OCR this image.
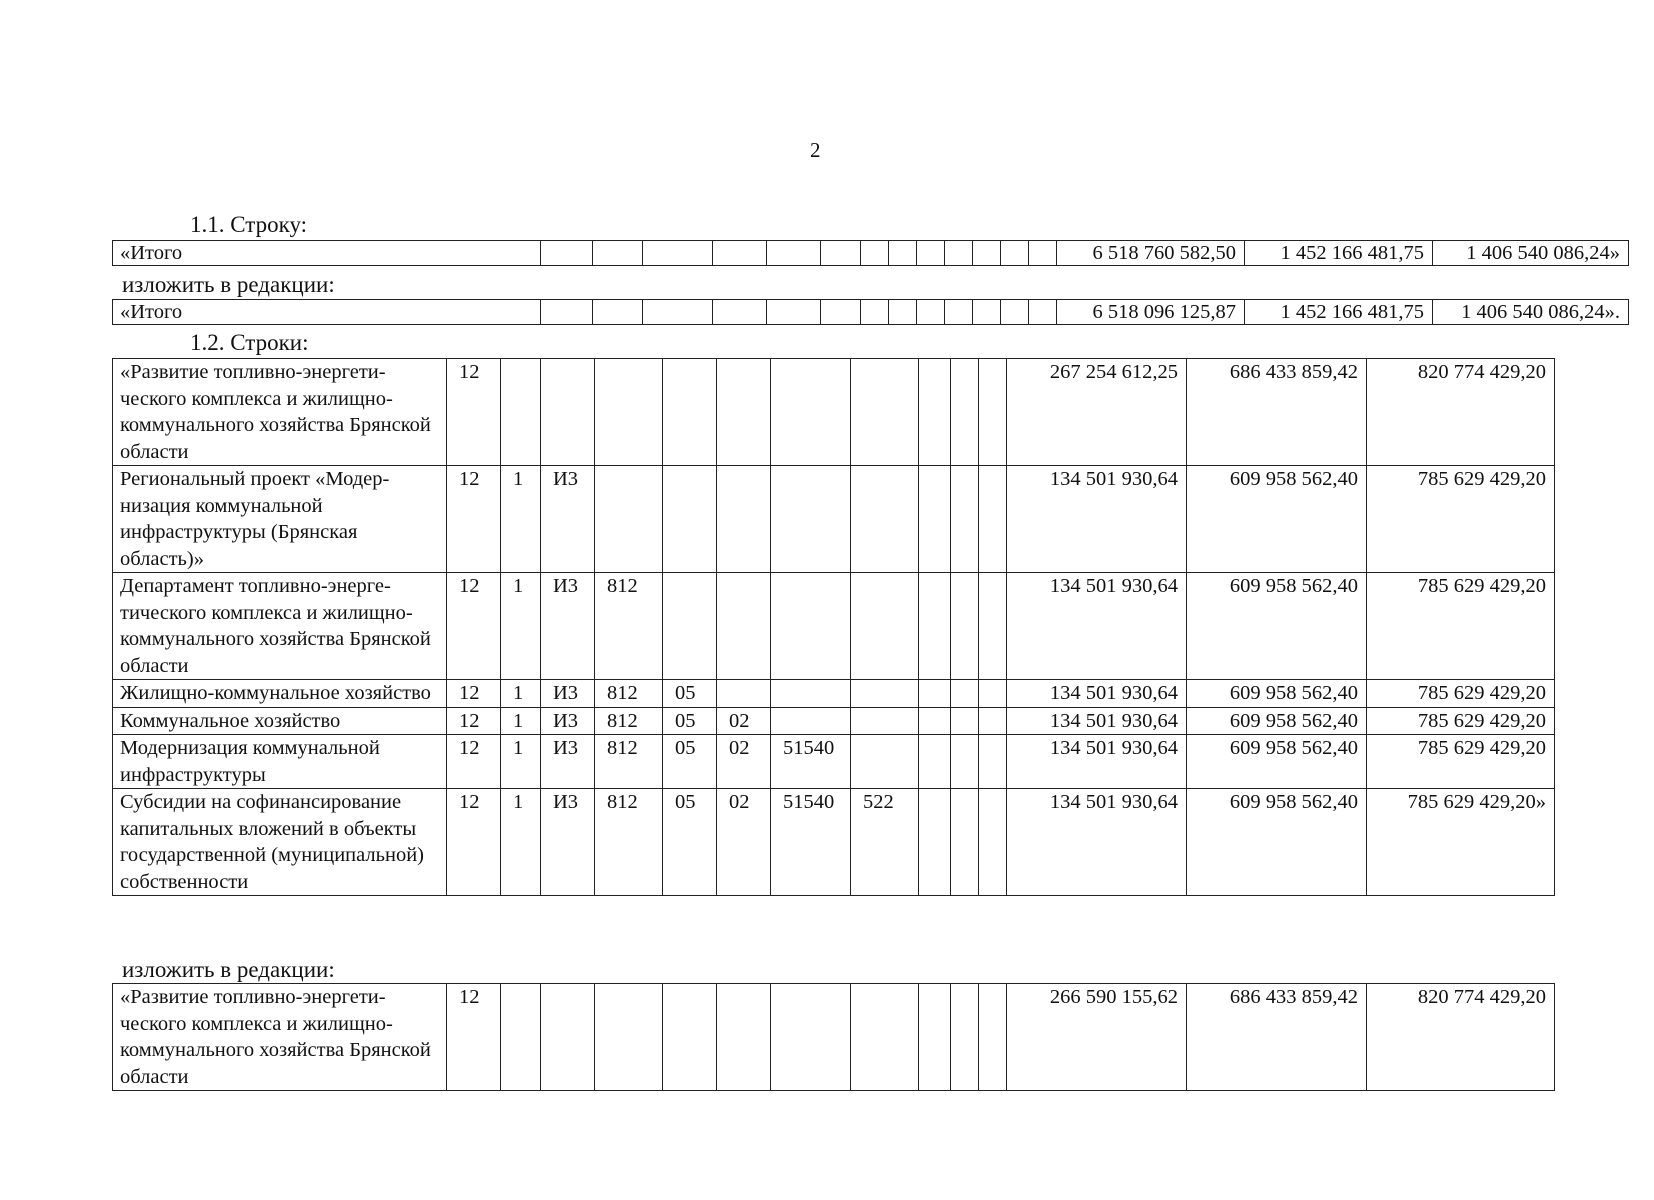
2
1.1. Строку:
«Итого														6 518 760 582,50	1 452 166 481,75	1 406 540 086,24»
изложить в редакции:
«Итого														6 518 096 125,87	1 452 166 481,75	1 406 540 086,24».
1.2. Строки:
«Развитие топливно-энергетического комплекса и жилищно-коммунального хозяйства Брянской области	12											267 254 612,25	686 433 859,42	820 774 429,20
Региональный проект «Модернизация коммунальной инфраструктуры (Брянская область)»	12	1	И3									134 501 930,64	609 958 562,40	785 629 429,20
Департамент топливно-энергетического комплекса и жилищно-коммунального хозяйства Брянской области	12	1	И3	812								134 501 930,64	609 958 562,40	785 629 429,20
Жилищно-коммунальное хозяйство	12	1	И3	812	05							134 501 930,64	609 958 562,40	785 629 429,20
Коммунальное хозяйство	12	1	И3	812	05	02						134 501 930,64	609 958 562,40	785 629 429,20
Модернизация коммунальной инфраструктуры	12	1	И3	812	05	02	51540					134 501 930,64	609 958 562,40	785 629 429,20
Субсидии на софинансирование капитальных вложений в объекты государственной (муниципальной) собственности	12	1	И3	812	05	02	51540	522				134 501 930,64	609 958 562,40	785 629 429,20»
изложить в редакции:
«Развитие топливно-энергетического комплекса и жилищно-коммунального хозяйства Брянской области	12											266 590 155,62	686 433 859,42	820 774 429,20
